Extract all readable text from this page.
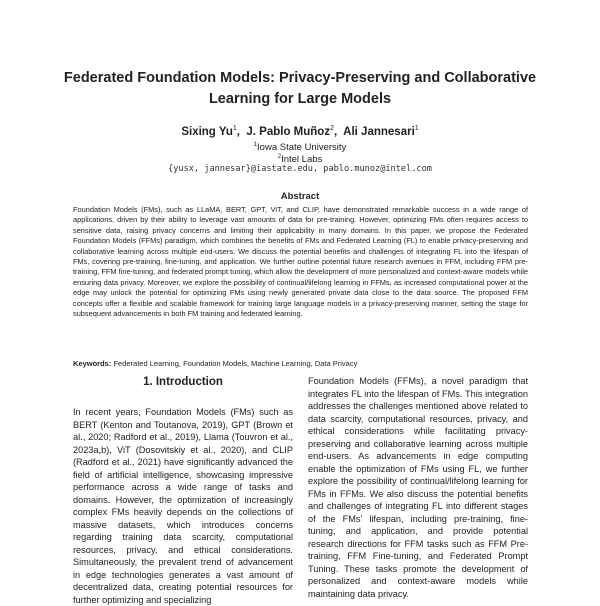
Federated Foundation Models: Privacy-Preserving and Collaborative Learning for Large Models
Sixing Yu$^1$,  J. Pablo Muñoz$^2$,  Ali Jannesari$^1$
$^1$Iowa State University
$^2$Intel Labs
{yusx, jannesar}@iastate.edu, pablo.munoz@intel.com
Abstract
Foundation Models (FMs), such as LLaMA, BERT, GPT, ViT, and CLIP, have demonstrated remarkable success in a wide range of applications, driven by their ability to leverage vast amounts of data for pre-training. However, optimizing FMs often requires access to sensitive data, raising privacy concerns and limiting their applicability in many domains. In this paper, we propose the Federated Foundation Models (FFMs) paradigm, which combines the benefits of FMs and Federated Learning (FL) to enable privacy-preserving and collaborative learning across multiple end-users. We discuss the potential benefits and challenges of integrating FL into the lifespan of FMs, covering pre-training, fine-tuning, and application. We further outline potential future research avenues in FFM, including FFM pre-training, FFM fine-tuning, and federated prompt tuning, which allow the development of more personalized and context-aware models while ensuring data privacy. Moreover, we explore the possibility of continual/lifelong learning in FFMs, as increased computational power at the edge may unlock the potential for optimizing FMs using newly generated private data close to the data source. The proposed FFM concepts offer a flexible and scalable framework for training large language models in a privacy-preserving manner, setting the stage for subsequent advancements in both FM training and federated learning.
Keywords: Federated Learning, Foundation Models, Machine Learning, Data Privacy
1. Introduction
In recent years, Foundation Models (FMs) such as BERT (Kenton and Toutanova, 2019), GPT (Brown et al., 2020; Radford et al., 2019), Llama (Touvron et al., 2023a,b), ViT (Dosovitskiy et al., 2020), and CLIP (Radford et al., 2021) have significantly advanced the field of artificial intelligence, showcasing impressive performance across a wide range of tasks and domains. However, the optimization of increasingly complex FMs heavily depends on the collections of massive datasets, which introduces concerns regarding training data scarcity, computational resources, privacy, and ethical considerations. Simultaneously, the prevalent trend of advancement in edge technologies generates a vast amount of decentralized data, creating potential resources for further optimizing and specializing
Foundation Models (FFMs), a novel paradigm that integrates FL into the lifespan of FMs. This integration addresses the challenges mentioned above related to data scarcity, computational resources, privacy, and ethical considerations while facilitating privacy-preserving and collaborative learning across multiple end-users. As advancements in edge computing enable the optimization of FMs using FL, we further explore the possibility of continual/lifelong learning for FMs in FFMs. We also discuss the potential benefits and challenges of integrating FL into different stages of the FMs' lifespan, including pre-training, fine-tuning, and application, and provide potential research directions for FFM tasks such as FFM Pre-training, FFM Fine-tuning, and Federated Prompt Tuning. These tasks promote the development of personalized and context-aware models while maintaining data privacy.
